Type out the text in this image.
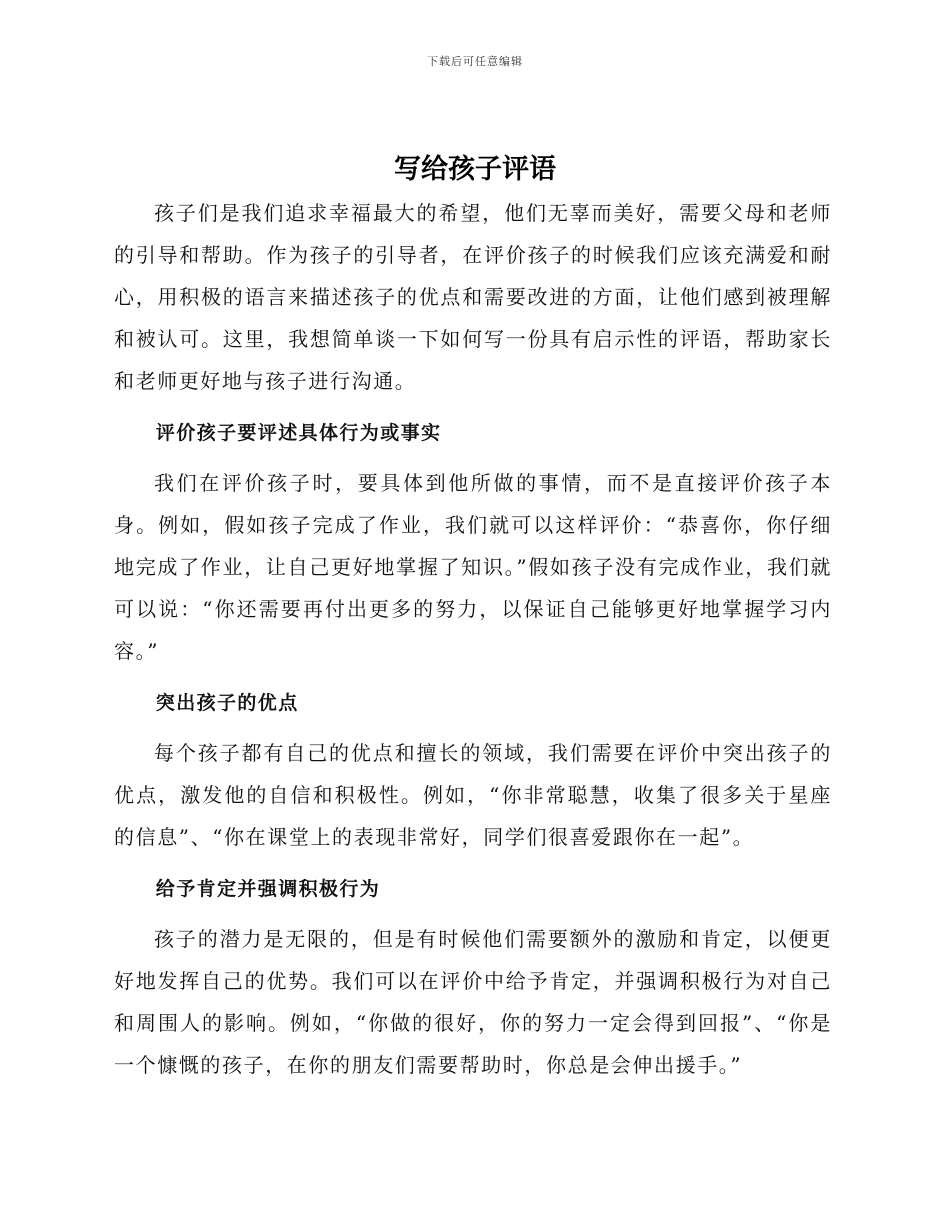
下载后可任意编辑
写给孩子评语

孩子们是我们追求幸福最大的希望，他们无辜而美好，需要父母和老师的引导和帮助。作为孩子的引导者，在评价孩子的时候我们应该充满爱和耐心，用积极的语言来描述孩子的优点和需要改进的方面，让他们感到被理解和被认可。这里，我想简单谈一下如何写一份具有启示性的评语，帮助家长和老师更好地与孩子进行沟通。

评价孩子要评述具体行为或事实

我们在评价孩子时，要具体到他所做的事情，而不是直接评价孩子本身。例如，假如孩子完成了作业，我们就可以这样评价：“恭喜你，你仔细地完成了作业，让自己更好地掌握了知识。”假如孩子没有完成作业，我们就可以说：“你还需要再付出更多的努力，以保证自己能够更好地掌握学习内容。”

突出孩子的优点

每个孩子都有自己的优点和擅长的领域，我们需要在评价中突出孩子的优点，激发他的自信和积极性。例如，“你非常聪慧，收集了很多关于星座的信息”、“你在课堂上的表现非常好，同学们很喜爱跟你在一起”。

给予肯定并强调积极行为

孩子的潜力是无限的，但是有时候他们需要额外的激励和肯定，以便更好地发挥自己的优势。我们可以在评价中给予肯定，并强调积极行为对自己和周围人的影响。例如，“你做的很好，你的努力一定会得到回报”、“你是一个慷慨的孩子，在你的朋友们需要帮助时，你总是会伸出援手。”
